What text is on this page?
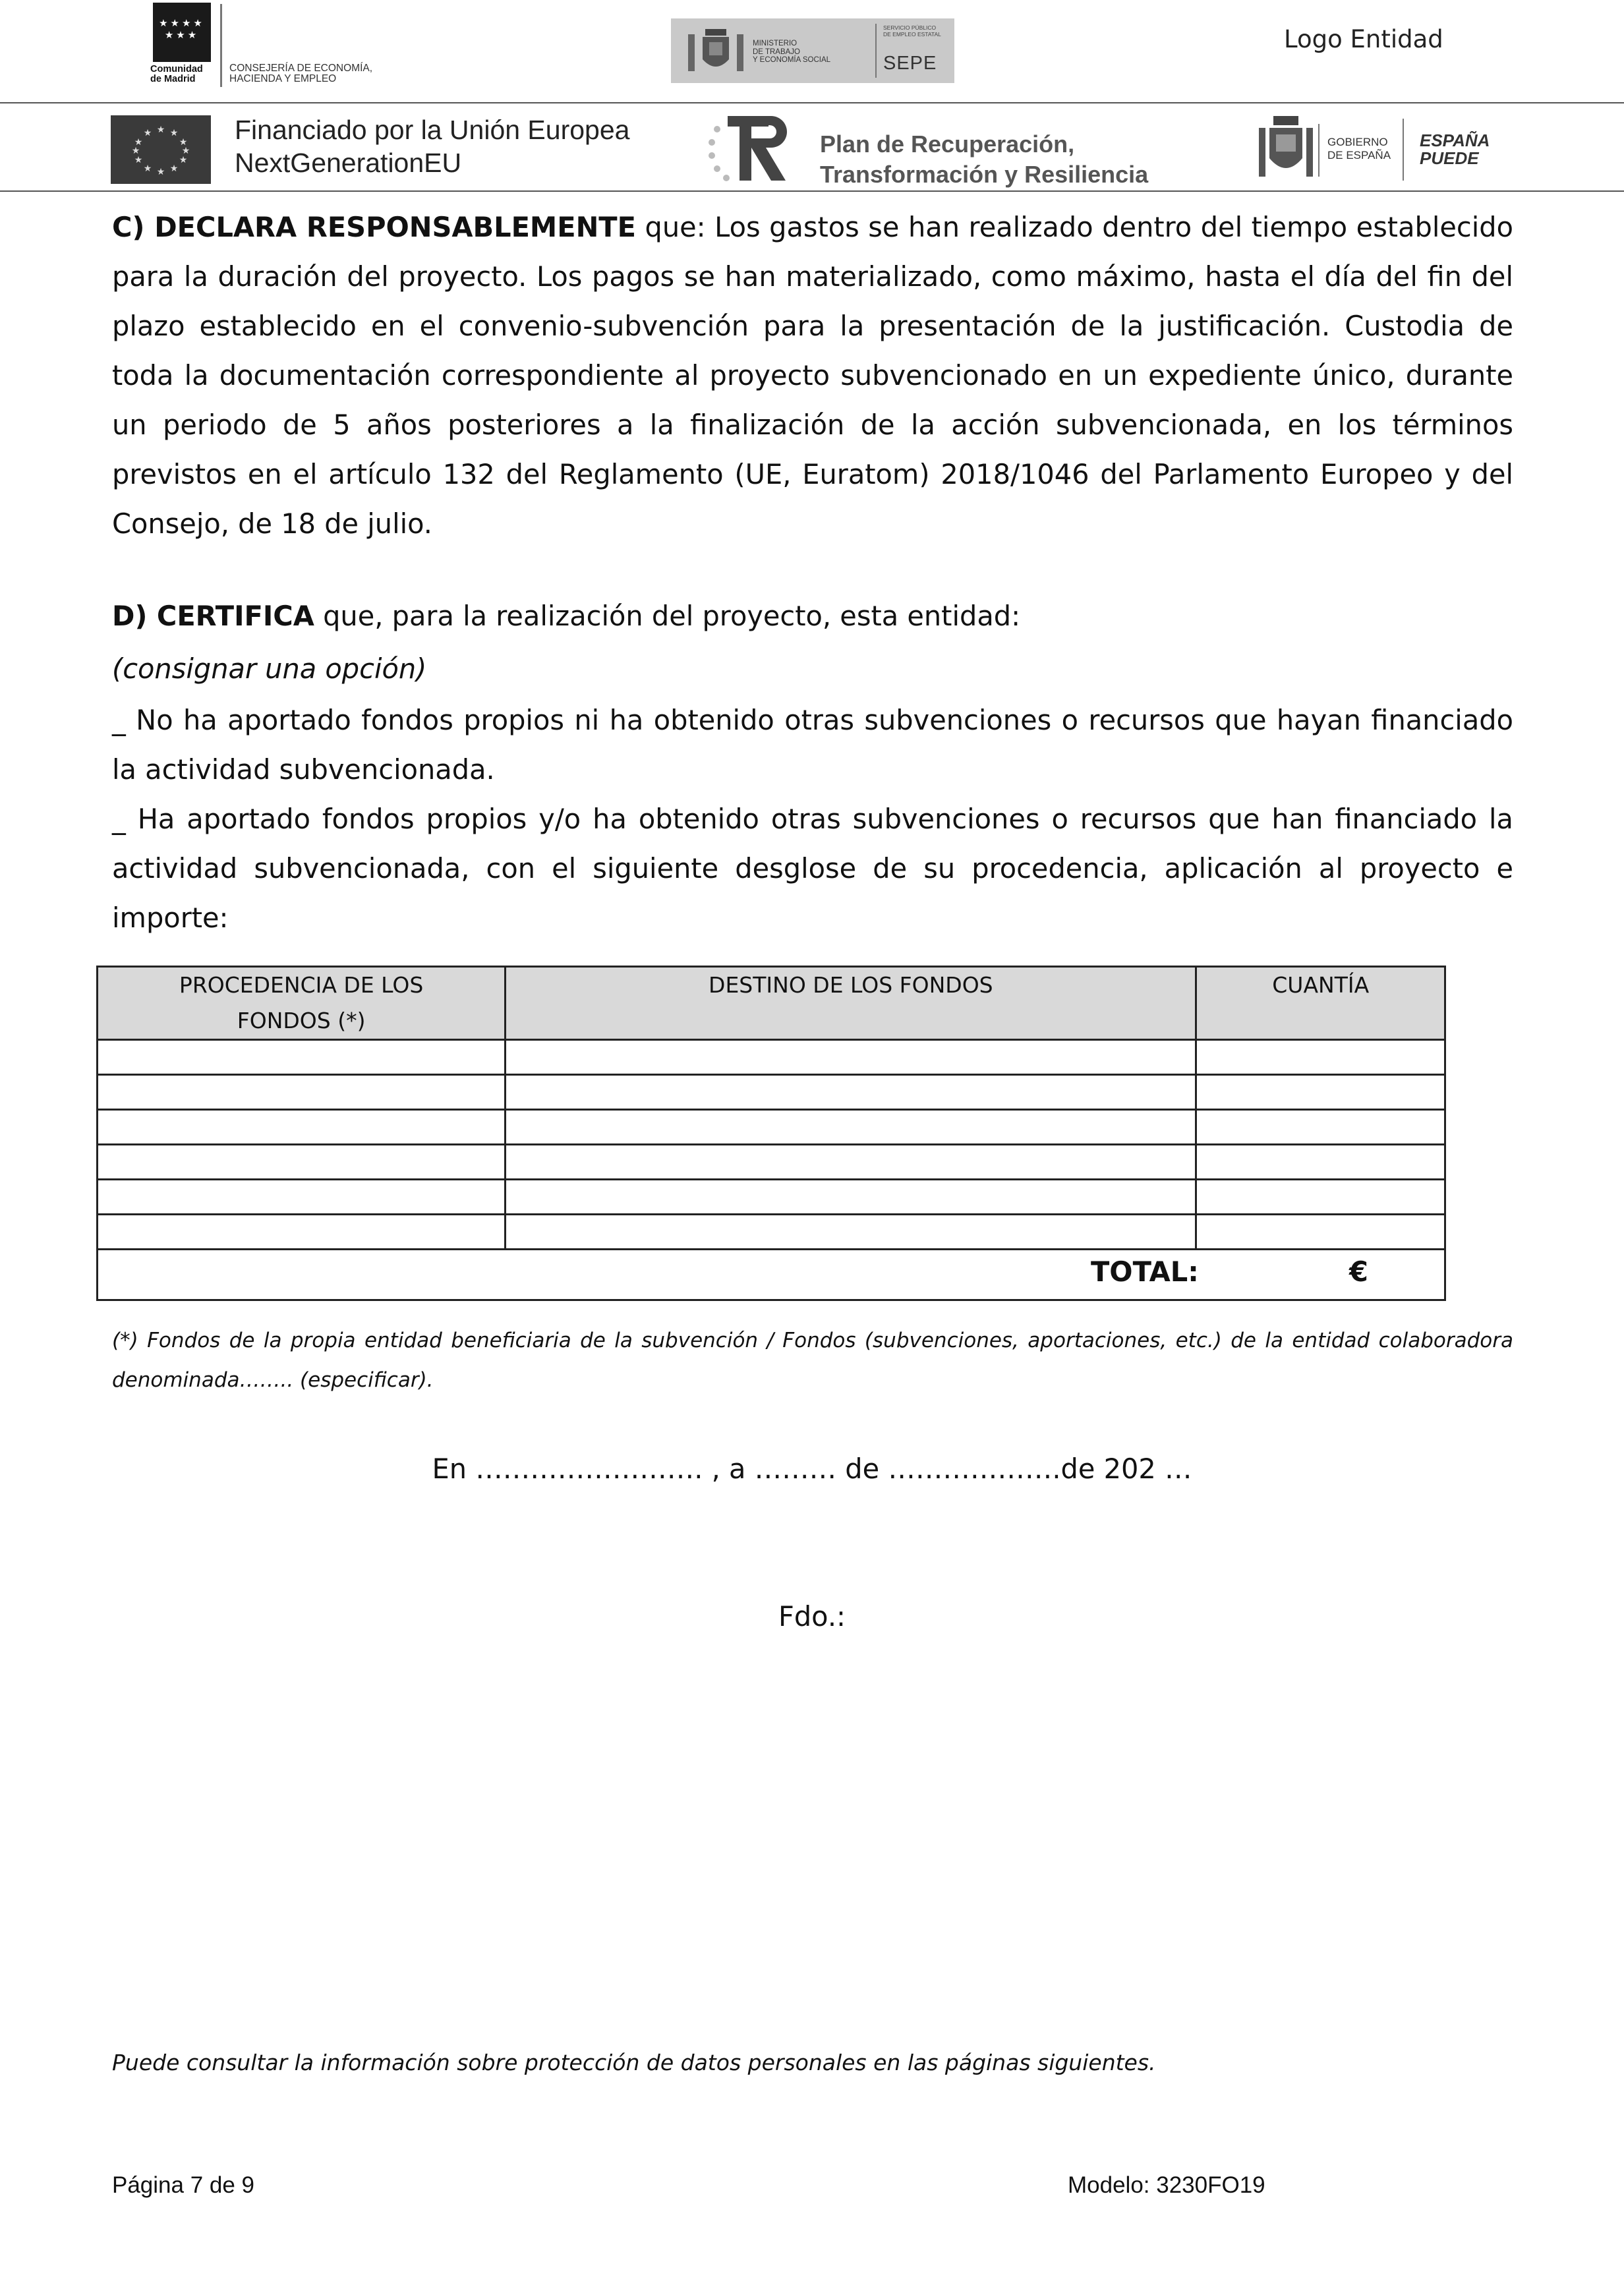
★★★★
★★★
Comunidad de Madrid
CONSEJERÍA DE ECONOMÍA,
HACIENDA Y EMPLEO
MINISTERIO
DE TRABAJO
Y ECONOMÍA SOCIAL
SERVICIO PÚBLICO
DE EMPLEO ESTATAL
SEPE
Logo Entidad
★ ★
★
★
★
★
★
★
★
★
★
★	Financiado por la Unión Europea
NextGenerationEU
Plan de Recuperación,
Transformación y Resiliencia
GOBIERNO
DE ESPAÑA
ESPAÑA
PUEDE
C) DECLARA RESPONSABLEMENTE que: Los gastos se han realizado dentro del tiempo establecido para la duración del proyecto. Los pagos se han materializado, como máximo, hasta el día del fin del plazo establecido en el convenio-subvención para la presentación de la justificación. Custodia de toda la documentación correspondiente al proyecto subvencionado en un expediente único, durante un periodo de 5 años posteriores a la finalización de la acción subvencionada, en los términos previstos en el artículo 132 del Reglamento (UE, Euratom) 2018/1046 del Parlamento Europeo y del Consejo, de 18 de julio.
D) CERTIFICA que, para la realización del proyecto, esta entidad:
(consignar una opción)
_ No ha aportado fondos propios ni ha obtenido otras subvenciones o recursos que hayan financiado la actividad subvencionada.
_ Ha aportado fondos propios y/o ha obtenido otras subvenciones o recursos que han financiado la actividad subvencionada, con el siguiente desglose de su procedencia, aplicación al proyecto e importe:
PROCEDENCIA DE LOS
FONDOS (*)	DESTINO DE LOS FONDOS	CUANTÍA

TOTAL: €		
(*) Fondos de la propia entidad beneficiaria de la subvención / Fondos (subvenciones, aportaciones, etc.) de la entidad colaboradora denominada…….. (especificar).
En ……………………. , a ……… de ……………….de 202 …
Fdo.:
Puede consultar la información sobre protección de datos personales en las páginas siguientes.
Página 7 de 9	Modelo: 3230FO19
